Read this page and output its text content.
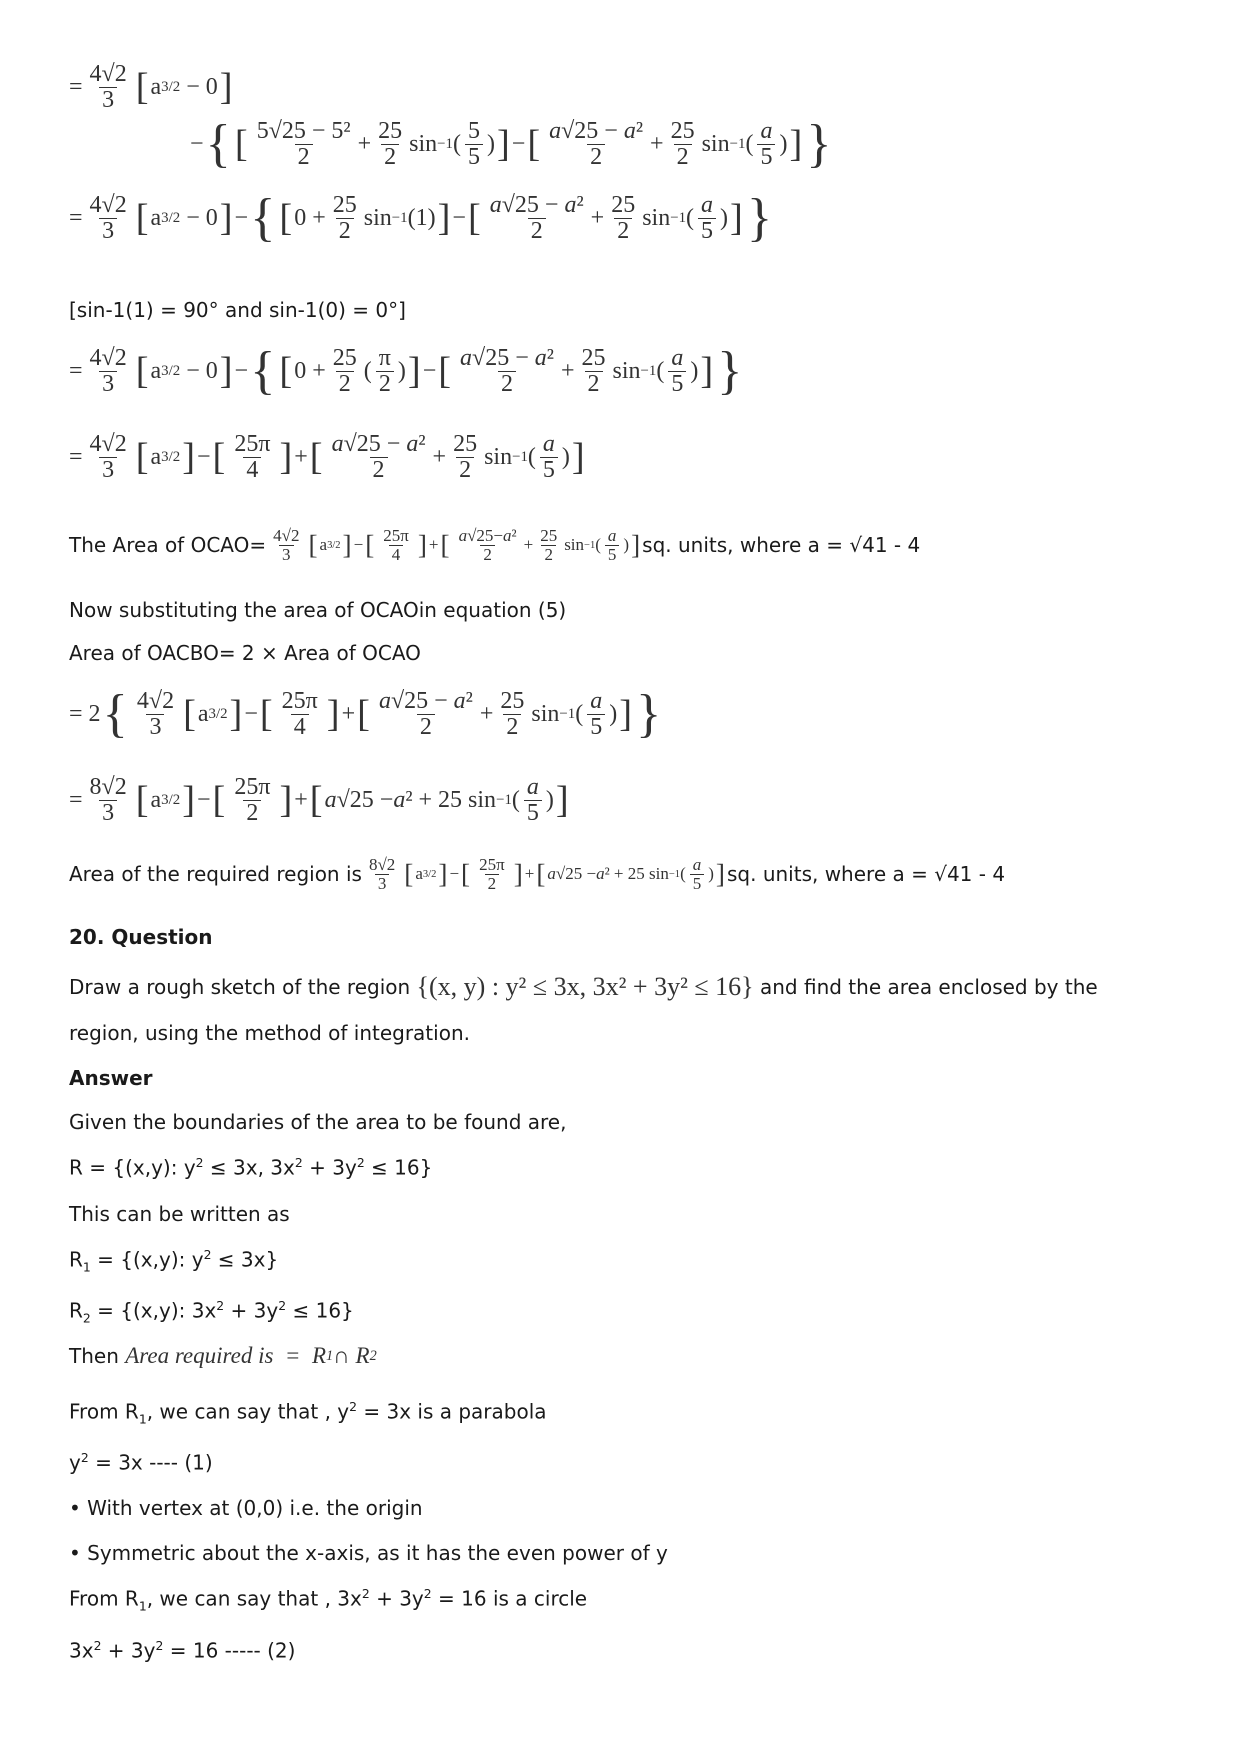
= $\frac{4√2}{3}$ [ a 3/2 − 0 ]
− { [ $\frac{\text{5√25 − 5²}}{2} + \frac{25}{2}$ sin −1 ( $\frac{5}{5}$ ) ] − [ $\frac{\text{a√25 − a²}}{2} + \frac{25}{2}$ sin −1 ( $\frac{a}{5}$ ) ] }
= $\frac{4√2}{3}$ [ a 3/2 − 0 ] − { [ $0 + \frac{25}{2}$ sin −1 (1) ] − [ $\frac{\text{a√25 − a²}}{2} + \frac{25}{2}$ sin −1 ( $\frac{a}{5}$ ) ] }
[sin-1(1) = 90° and sin-1(0) = 0°]
= $\frac{4√2}{3}$ [ a 3/2 − 0 ] − { [ $0 + \frac{25}{2}$ ( $\frac{\pi}{2}$ ) ] − [ $\frac{\text{a√25 − a²}}{2} + \frac{25}{2}$ sin −1 ( $\frac{a}{5}$ ) ] }
= $\frac{4√2}{3}$ [ a 3/2 ] − [ $\frac{25\pi}{4}$ ] + [ $\frac{\text{a√25 − a²}}{2} + \frac{25}{2}$ sin −1 ( $\frac{a}{5}$ ) ]
The Area of OCAO= $\frac{4√2}{3}$ [ a 3/2 ] − [ $\frac{25\pi}{4}$ ] + [ $\frac{\text{a√25−a²}}{2} + \frac{25}{2}$ sin −1 ( $\frac{a}{5}$ ) ] sq. units, where a = √41 - 4
Now substituting the area of OCAOin equation (5)
Area of OACBO= 2 × Area of OCAO
= 2 { $\frac{4√2}{3}$ [ a 3/2 ] − [ $\frac{25\pi}{4}$ ] + [ $\frac{\text{a√25 − a²}}{2} + \frac{25}{2}$ sin −1 ( $\frac{a}{5}$ ) ] }
= $\frac{8√2}{3}$ [ a 3/2 ] − [ $\frac{25\pi}{2}$ ] + [ a √25 − a ² + 25 sin −1 ( $\frac{a}{5}$ ) ]
Area of the required region is $\frac{8√2}{3}$ [ a 3/2 ] − [ $\frac{25\pi}{2}$ ] + [ a √25 − a ² + 25 sin −1 ( $\frac{a}{5}$ ) ] sq. units, where a = √41 - 4
20. Question
Draw a rough sketch of the region
{(x, y) : y² ≤ 3x, 3x² + 3y² ≤ 16}
and find the area enclosed by the
region, using the method of integration.
Answer
Given the boundaries of the area to be found are,
R = {(x,y): $y^2 \le 3x$, $3x^2 + 3y^2 \le 16$}
This can be written as
$R_1 = \{(x,y)$: $y^2 \le 3x$}
$R_2 = \{(x,y)$: $3x^2 + 3y^2 \le 16$}
Then
Area required is  =  R 1 ∩ R 2
From $R_1$, we can say that , $y^2 = 3x$ is a parabola
$y^2 = 3x$ ---- (1)
• With vertex at (0,0) i.e. the origin
• Symmetric about the x-axis, as it has the even power of y
From $R_1$, we can say that , $3x^2 + 3y^2 = 16$ is a circle
$3x^2 + 3y^2 = 16$ ----- (2)
